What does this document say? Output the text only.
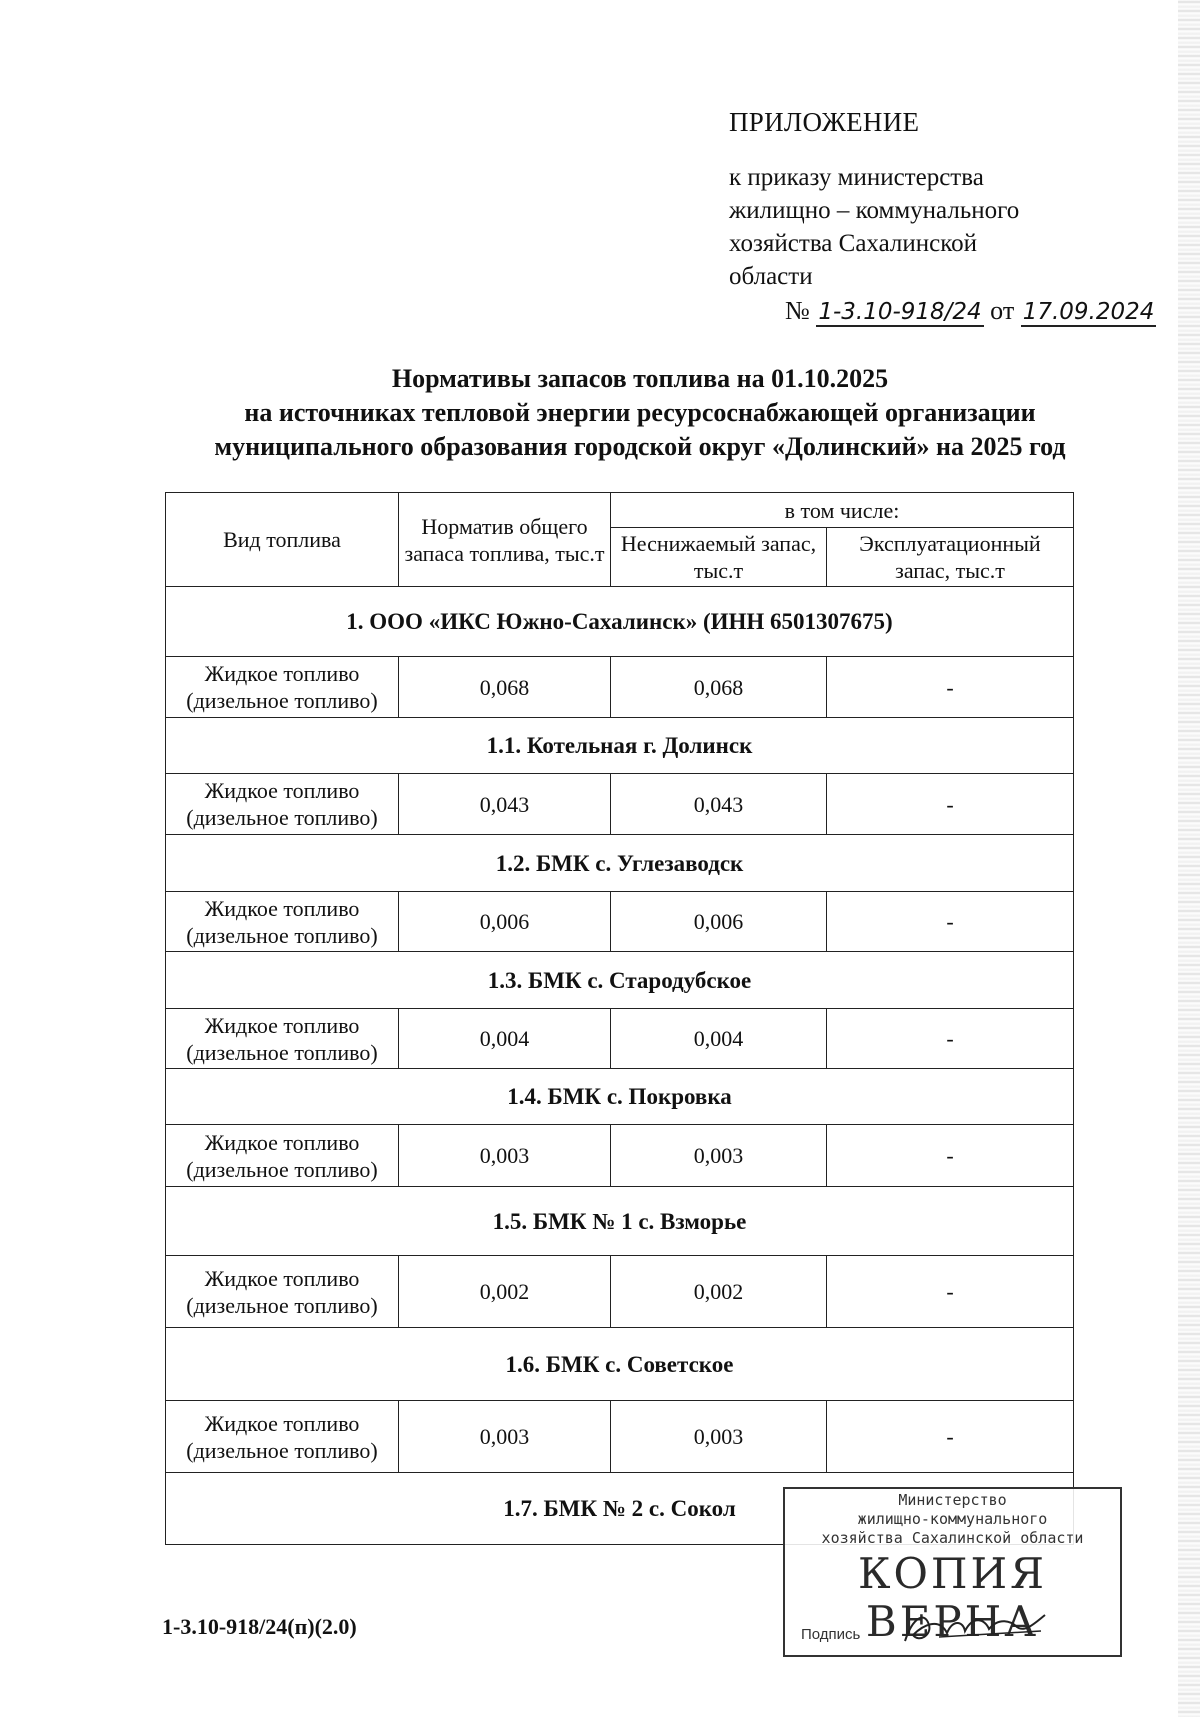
ПРИЛОЖЕНИЕ
к приказу министерства
жилищно – коммунального
хозяйства Сахалинской
области
№ 1-3.10-918/24 от 17.09.2024
Нормативы запасов топлива на 01.10.2025
на источниках тепловой энергии ресурсоснабжающей организации
муниципального образования городской округ «Долинский» на 2025 год
Вид топлива	Норматив общего запаса топлива, тыс.т	в том числе:	
		Неснижаемый запас, тыс.т	Эксплуатационный запас, тыс.т
1. ООО «ИКС Южно-Сахалинск» (ИНН 6501307675)			
Жидкое топливо (дизельное топливо)	0,068	0,068	-
1.1. Котельная г. Долинск			
Жидкое топливо (дизельное топливо)	0,043	0,043	-
1.2. БМК с. Углезаводск			
Жидкое топливо (дизельное топливо)	0,006	0,006	-
1.3. БМК с. Стародубское			
Жидкое топливо (дизельное топливо)	0,004	0,004	-
1.4. БМК с. Покровка			
Жидкое топливо (дизельное топливо)	0,003	0,003	-
1.5. БМК № 1 с. Взморье			
Жидкое топливо (дизельное топливо)	0,002	0,002	-
1.6. БМК с. Советское			
Жидкое топливо (дизельное топливо)	0,003	0,003	-
1.7. БМК № 2 с. Сокол			
1-3.10-918/24(п)(2.0)
Министерство
жилищно-коммунального
хозяйства Сахалинской области
КОПИЯ ВЕРНА
Подпись
